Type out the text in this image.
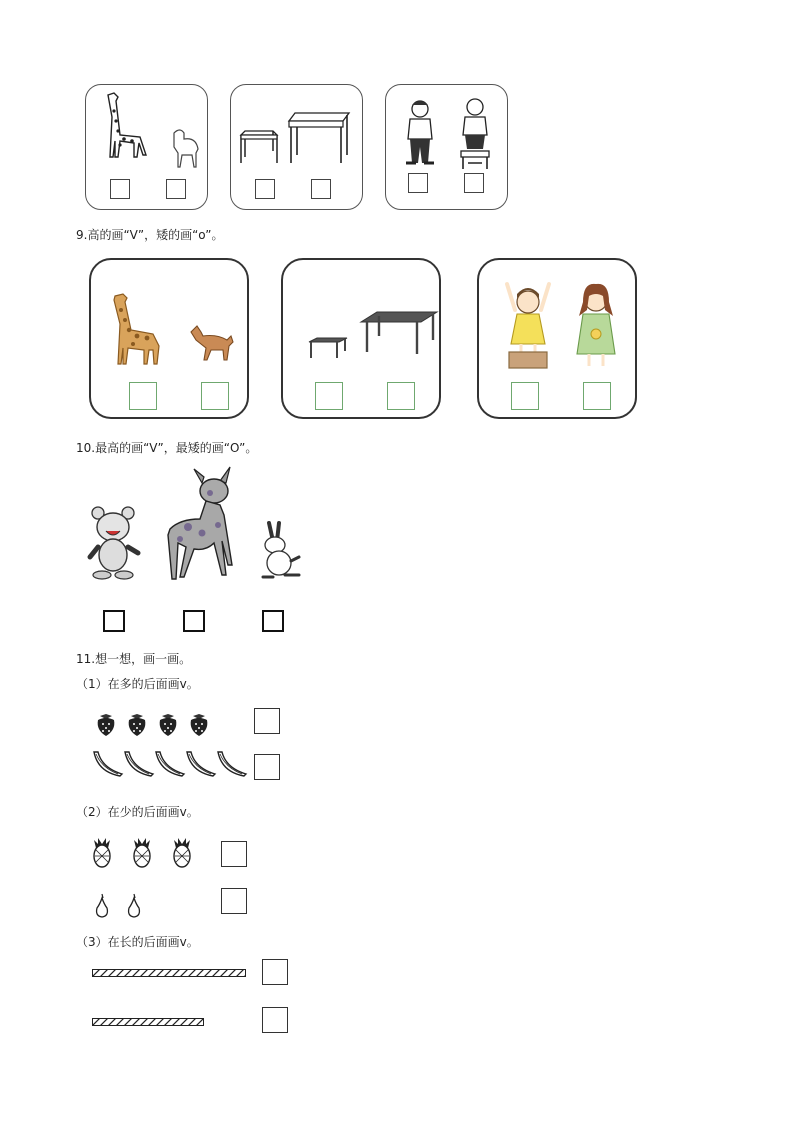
9.高的画“V”，矮的画“o”。
10.最高的画“V”，最矮的画“O”。
11.想一想，画一画。
（1）在多的后面画v。
（2）在少的后面画v。
（3）在长的后面画v。
